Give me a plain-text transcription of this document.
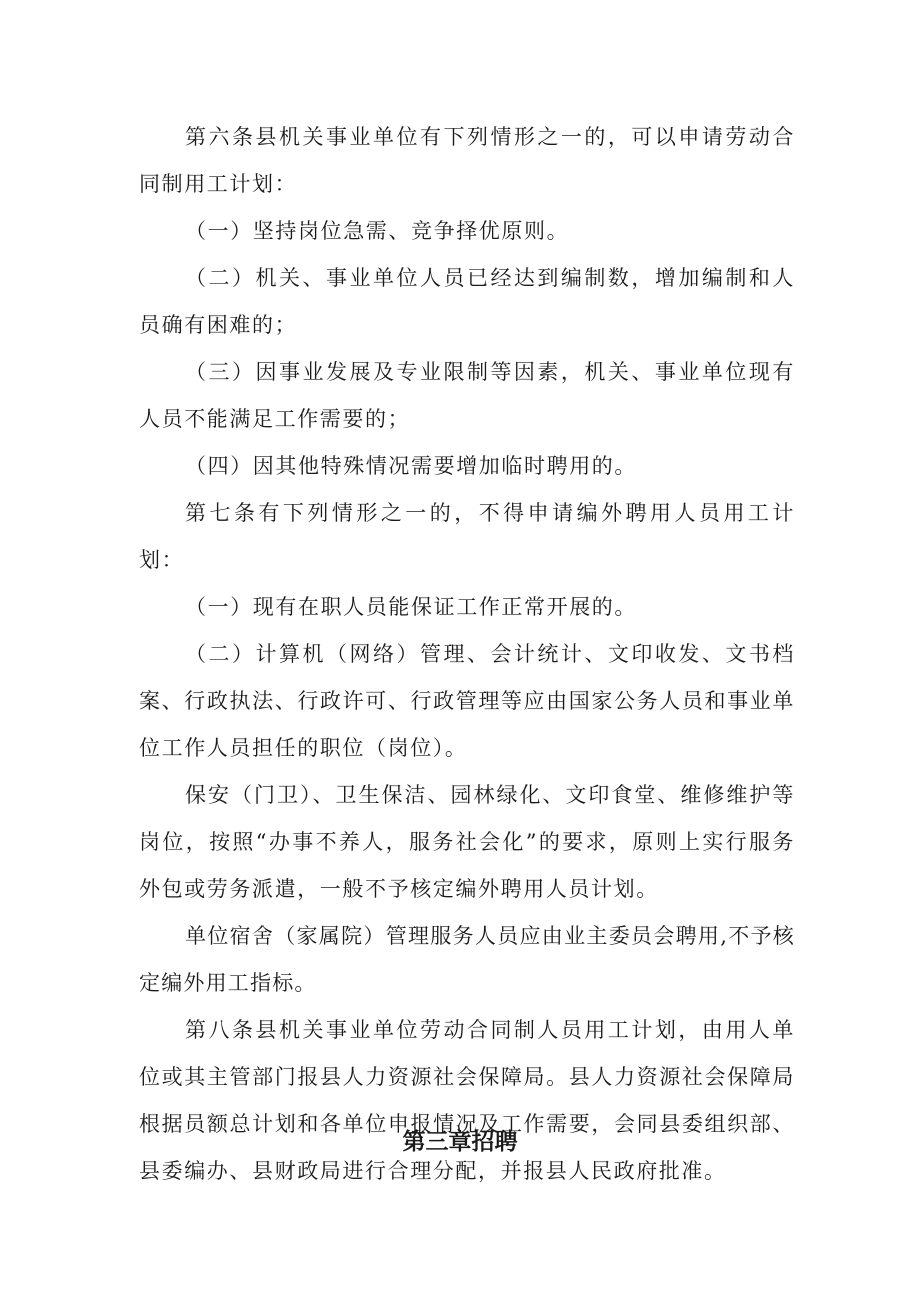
第六条县机关事业单位有下列情形之一的，可以申请劳动合同制用工计划：

（一）坚持岗位急需、竞争择优原则。

（二）机关、事业单位人员已经达到编制数，增加编制和人员确有困难的；

（三）因事业发展及专业限制等因素，机关、事业单位现有人员不能满足工作需要的；

（四）因其他特殊情况需要增加临时聘用的。

第七条有下列情形之一的，不得申请编外聘用人员用工计划：

（一）现有在职人员能保证工作正常开展的。

（二）计算机（网络）管理、会计统计、文印收发、文书档案、行政执法、行政许可、行政管理等应由国家公务人员和事业单位工作人员担任的职位（岗位）。

保安（门卫）、卫生保洁、园林绿化、文印食堂、维修维护等岗位，按照“办事不养人，服务社会化”的要求，原则上实行服务外包或劳务派遣，一般不予核定编外聘用人员计划。

单位宿舍（家属院）管理服务人员应由业主委员会聘用,不予核定编外用工指标。

第八条县机关事业单位劳动合同制人员用工计划，由用人单位或其主管部门报县人力资源社会保障局。县人力资源社会保障局根据员额总计划和各单位申报情况及工作需要，会同县委组织部、县委编办、县财政局进行合理分配，并报县人民政府批准。

第三章招聘
